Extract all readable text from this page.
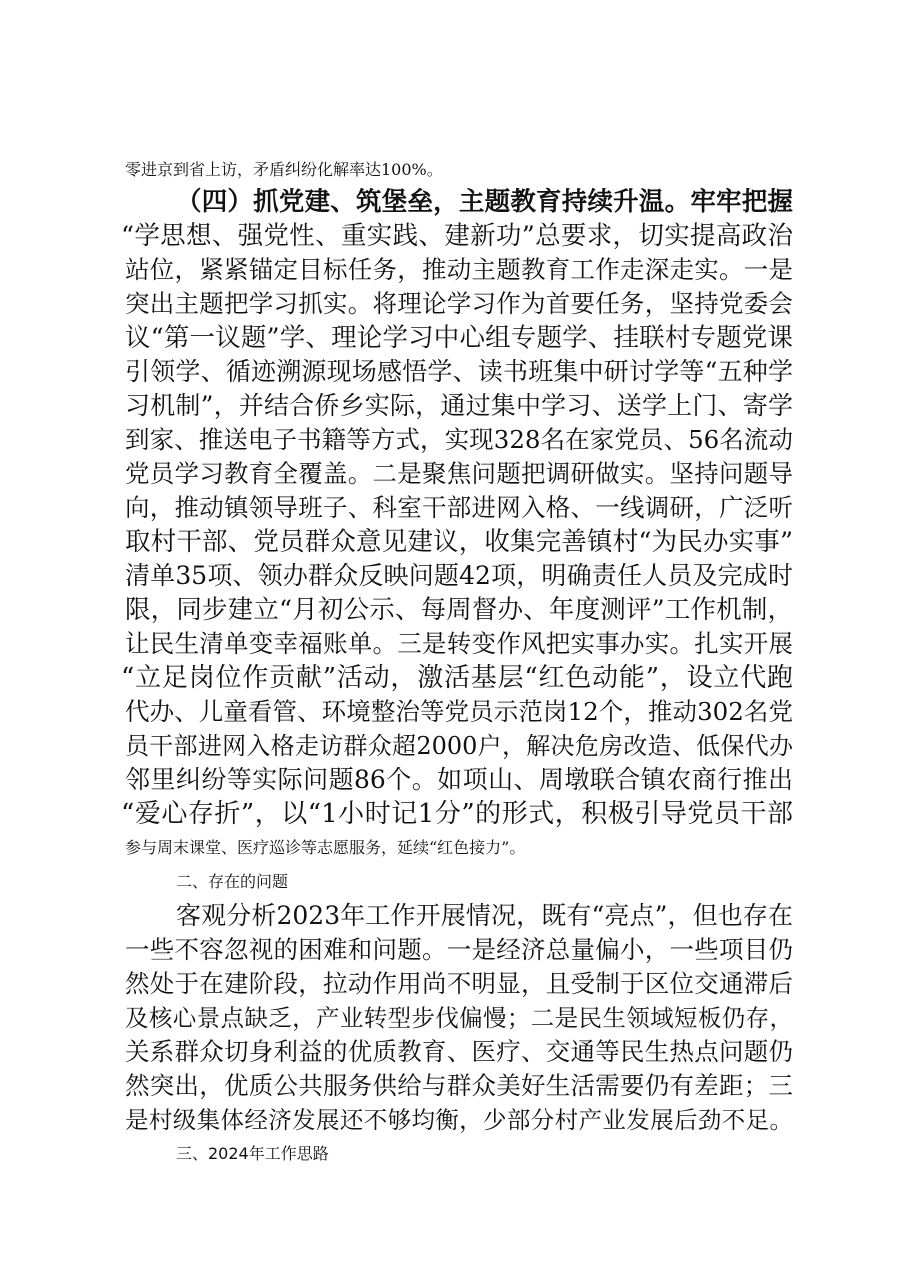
零进京到省上访，矛盾纠纷化解率达100%。
（四）抓党建、筑堡垒，主题教育持续升温。牢牢把握
“学思想、强党性、重实践、建新功”总要求，切实提高政治
站位，紧紧锚定目标任务，推动主题教育工作走深走实。一是
突出主题把学习抓实。将理论学习作为首要任务，坚持党委会
议“第一议题”学、理论学习中心组专题学、挂联村专题党课
引领学、循迹溯源现场感悟学、读书班集中研讨学等“五种学
习机制”，并结合侨乡实际，通过集中学习、送学上门、寄学
到家、推送电子书籍等方式，实现328名在家党员、56名流动
党员学习教育全覆盖。二是聚焦问题把调研做实。坚持问题导
向，推动镇领导班子、科室干部进网入格、一线调研，广泛听
取村干部、党员群众意见建议，收集完善镇村“为民办实事”
清单35项、领办群众反映问题42项，明确责任人员及完成时
限，同步建立“月初公示、每周督办、年度测评”工作机制，
让民生清单变幸福账单。三是转变作风把实事办实。扎实开展
“立足岗位作贡献”活动，激活基层“红色动能”，设立代跑
代办、儿童看管、环境整治等党员示范岗12个，推动302名党
员干部进网入格走访群众超2000户，解决危房改造、低保代办
邻里纠纷等实际问题86个。如项山、周墩联合镇农商行推出
“爱心存折”，以“1小时记1分”的形式，积极引导党员干部
参与周末课堂、医疗巡诊等志愿服务，延续“红色接力”。
二、存在的问题
客观分析2023年工作开展情况，既有“亮点”，但也存在
一些不容忽视的困难和问题。一是经济总量偏小，一些项目仍
然处于在建阶段，拉动作用尚不明显，且受制于区位交通滞后
及核心景点缺乏，产业转型步伐偏慢；二是民生领域短板仍存，
关系群众切身利益的优质教育、医疗、交通等民生热点问题仍
然突出，优质公共服务供给与群众美好生活需要仍有差距；三
是村级集体经济发展还不够均衡，少部分村产业发展后劲不足。
三、2024年工作思路
